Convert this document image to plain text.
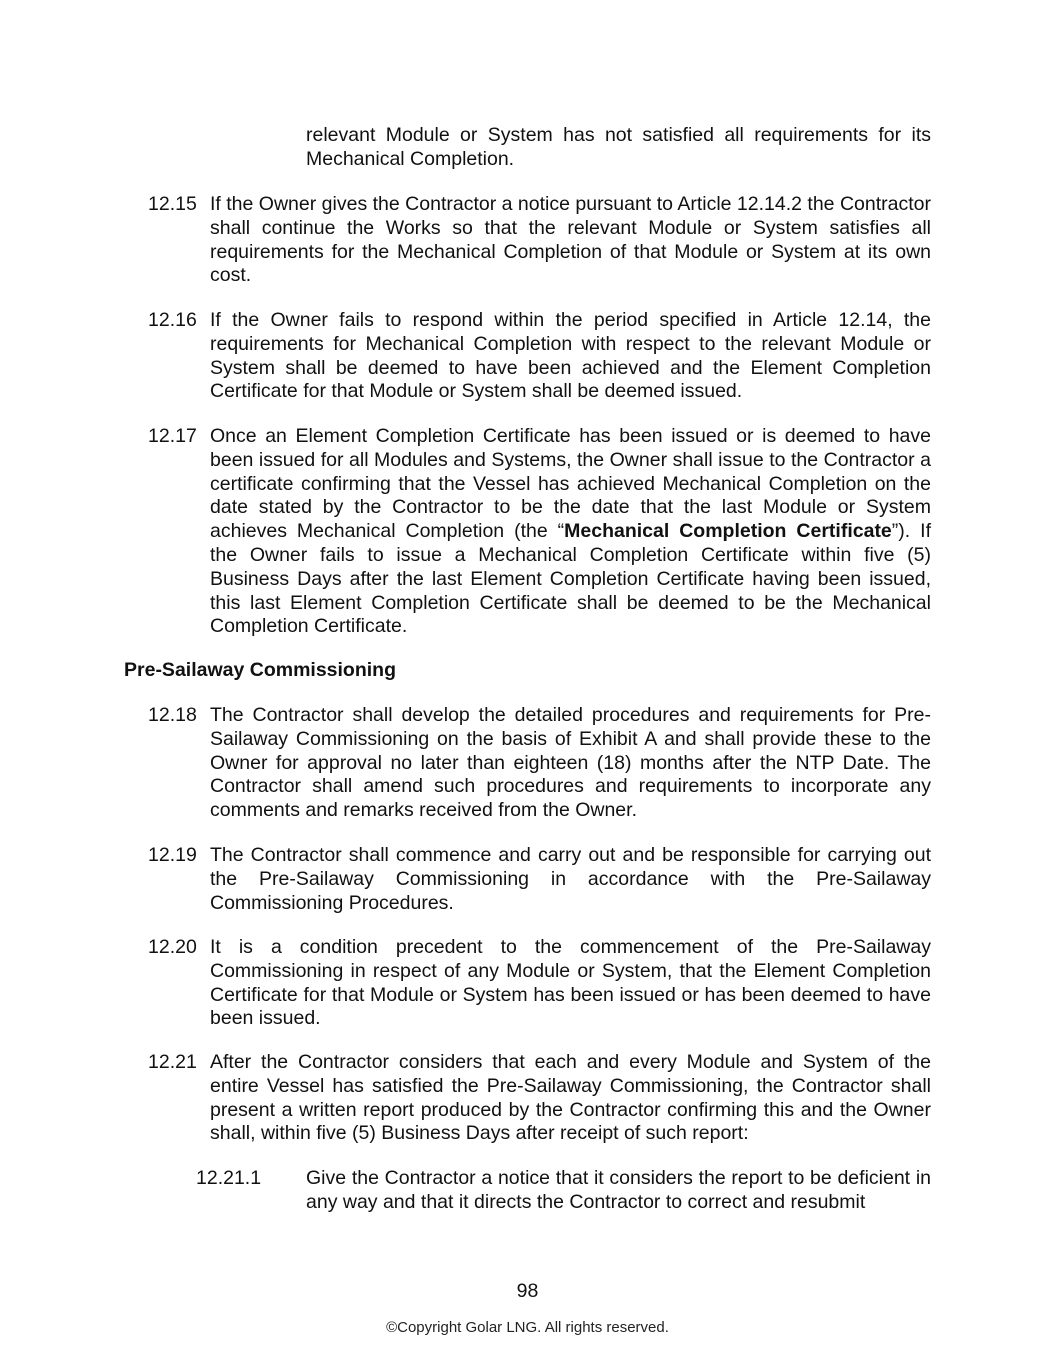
relevant Module or System has not satisfied all requirements for its Mechanical Completion.
12.15 If the Owner gives the Contractor a notice pursuant to Article 12.14.2 the Contractor shall continue the Works so that the relevant Module or System satisfies all requirements for the Mechanical Completion of that Module or System at its own cost.
12.16 If the Owner fails to respond within the period specified in Article 12.14, the requirements for Mechanical Completion with respect to the relevant Module or System shall be deemed to have been achieved and the Element Completion Certificate for that Module or System shall be deemed issued.
12.17 Once an Element Completion Certificate has been issued or is deemed to have been issued for all Modules and Systems, the Owner shall issue to the Contractor a certificate confirming that the Vessel has achieved Mechanical Completion on the date stated by the Contractor to be the date that the last Module or System achieves Mechanical Completion (the “Mechanical Completion Certificate”). If the Owner fails to issue a Mechanical Completion Certificate within five (5) Business Days after the last Element Completion Certificate having been issued, this last Element Completion Certificate shall be deemed to be the Mechanical Completion Certificate.
Pre-Sailaway Commissioning
12.18 The Contractor shall develop the detailed procedures and requirements for Pre-Sailaway Commissioning on the basis of Exhibit A and shall provide these to the Owner for approval no later than eighteen (18) months after the NTP Date. The Contractor shall amend such procedures and requirements to incorporate any comments and remarks received from the Owner.
12.19 The Contractor shall commence and carry out and be responsible for carrying out the Pre-Sailaway Commissioning in accordance with the Pre-Sailaway Commissioning Procedures.
12.20 It is a condition precedent to the commencement of the Pre-Sailaway Commissioning in respect of any Module or System, that the Element Completion Certificate for that Module or System has been issued or has been deemed to have been issued.
12.21 After the Contractor considers that each and every Module and System of the entire Vessel has satisfied the Pre-Sailaway Commissioning, the Contractor shall present a written report produced by the Contractor confirming this and the Owner shall, within five (5) Business Days after receipt of such report:
12.21.1	Give the Contractor a notice that it considers the report to be deficient in any way and that it directs the Contractor to correct and resubmit
98
©Copyright Golar LNG. All rights reserved.
